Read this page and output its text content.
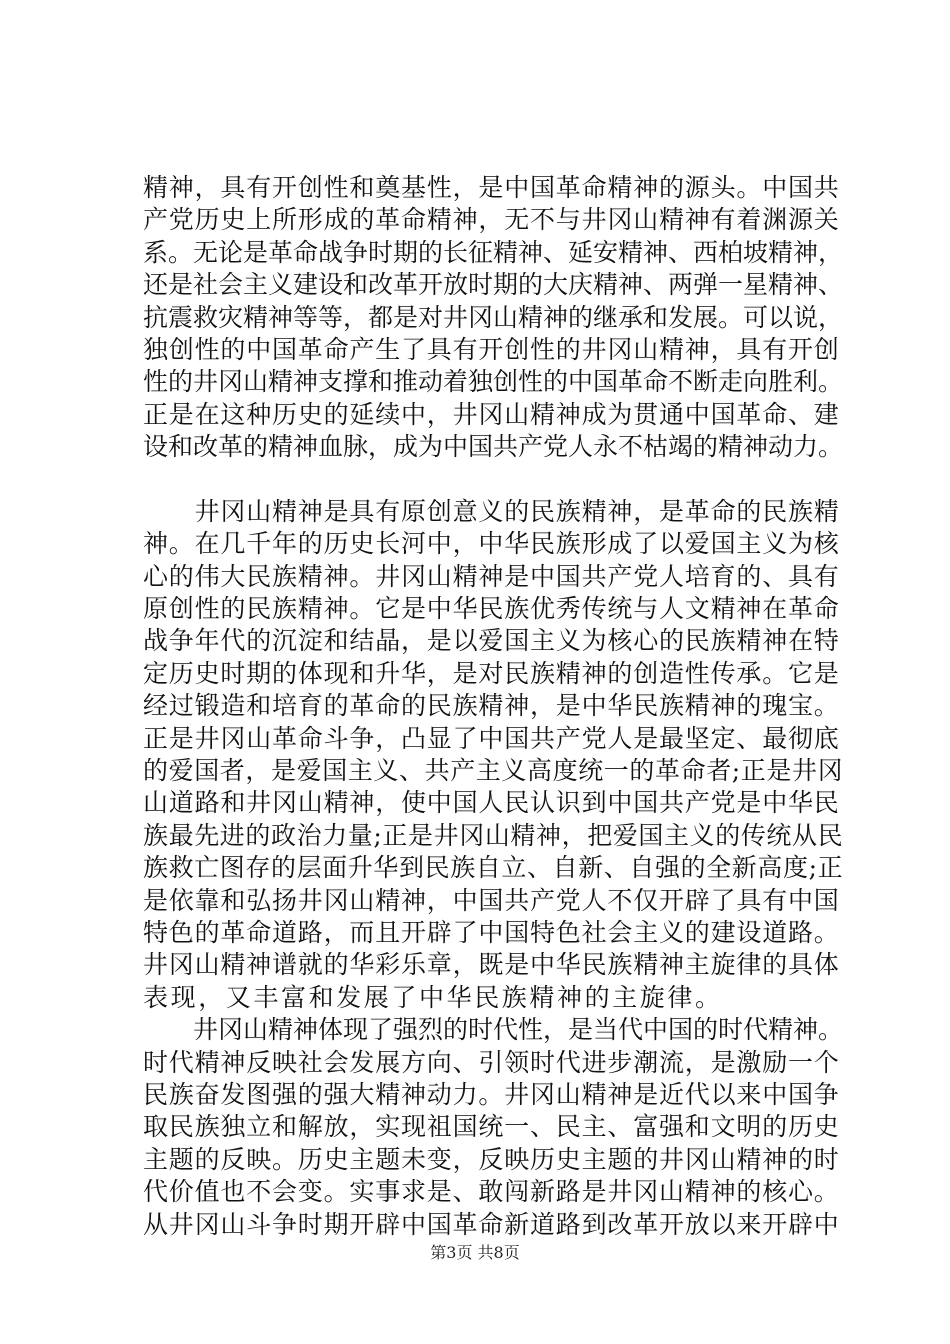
精神，具有开创性和奠基性，是中国革命精神的源头。中国共
产党历史上所形成的革命精神，无不与井冈山精神有着渊源关
系。无论是革命战争时期的长征精神、延安精神、西柏坡精神，
还是社会主义建设和改革开放时期的大庆精神、两弹一星精神、
抗震救灾精神等等，都是对井冈山精神的继承和发展。可以说，
独创性的中国革命产生了具有开创性的井冈山精神，具有开创
性的井冈山精神支撑和推动着独创性的中国革命不断走向胜利。
正是在这种历史的延续中，井冈山精神成为贯通中国革命、建
设和改革的精神血脉，成为中国共产党人永不枯竭的精神动力。
　　井冈山精神是具有原创意义的民族精神，是革命的民族精
神。在几千年的历史长河中，中华民族形成了以爱国主义为核
心的伟大民族精神。井冈山精神是中国共产党人培育的、具有
原创性的民族精神。它是中华民族优秀传统与人文精神在革命
战争年代的沉淀和结晶，是以爱国主义为核心的民族精神在特
定历史时期的体现和升华，是对民族精神的创造性传承。它是
经过锻造和培育的革命的民族精神，是中华民族精神的瑰宝。
正是井冈山革命斗争，凸显了中国共产党人是最坚定、最彻底
的爱国者，是爱国主义、共产主义高度统一的革命者;正是井冈
山道路和井冈山精神，使中国人民认识到中国共产党是中华民
族最先进的政治力量;正是井冈山精神，把爱国主义的传统从民
族救亡图存的层面升华到民族自立、自新、自强的全新高度;正
是依靠和弘扬井冈山精神，中国共产党人不仅开辟了具有中国
特色的革命道路，而且开辟了中国特色社会主义的建设道路。
井冈山精神谱就的华彩乐章，既是中华民族精神主旋律的具体
表现，又丰富和发展了中华民族精神的主旋律。
　　井冈山精神体现了强烈的时代性，是当代中国的时代精神。
时代精神反映社会发展方向、引领时代进步潮流，是激励一个
民族奋发图强的强大精神动力。井冈山精神是近代以来中国争
取民族独立和解放，实现祖国统一、民主、富强和文明的历史
主题的反映。历史主题未变，反映历史主题的井冈山精神的时
代价值也不会变。实事求是、敢闯新路是井冈山精神的核心。
从井冈山斗争时期开辟中国革命新道路到改革开放以来开辟中
第3页 共8页
